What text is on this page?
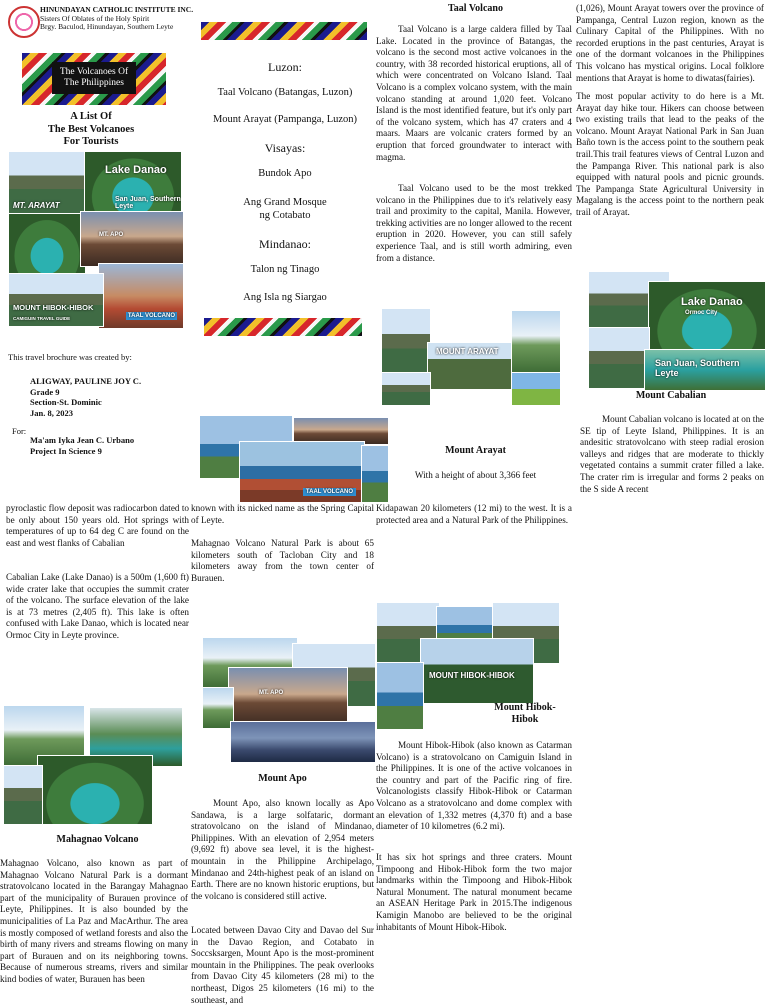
HINUNDAYAN CATHOLIC INSTITUTE INC.
Sisters Of Oblates of the Holy Spirit
Brgy. Baculod, Hinundayan, Southern Leyte
The Volcanoes Of
The Philippines
A List Of
The Best Volcanoes
For Tourists
MT. ARAYAT
Lake Danao
San Juan, Southern Leyte
MT. APO
TAAL VOLCANO
MOUNT HIBOK-HIBOK
CAMIGUIN TRAVEL GUIDE
This travel brochure was created by:
ALIGWAY, PAULINE JOY C.
Grade 9
Section-St. Dominic
Jan. 8, 2023
For:
Ma'am Iyka Jean C. Urbano
Project In Science 9
Luzon:
Taal Volcano (Batangas, Luzon)
Mount Arayat (Pampanga, Luzon)
Visayas:
Bundok Apo
Ang Grand Mosque
ng Cotabato
Mindanao:
Talon ng Tinago
Ang Isla ng Siargao
TAAL VOLCANO
Taal Volcano
Taal Volcano is a large caldera filled by Taal Lake. Located in the province of Batangas, the volcano is the second most active volcanoes in the country, with 38 recorded historical eruptions, all of which were concentrated on Volcano Island. Taal Volcano is a complex volcano system, with the main volcano standing at around 1,020 feet. Volcano Island is the most identified feature, but it's only part of the volcano system, which has 47 craters and 4 maars. Maars are volcanic craters formed by an eruption that forced groundwater to interact with magma.
Taal Volcano used to be the most trekked volcano in the Philippines due to it's relatively easy trail and proximity to the capital, Manila. However, trekking activities are no longer allowed to the recent eruption in 2020. However, you can still safely experience Taal, and is still worth admiring, even from a distance.
MOUNT ARAYAT
Mount Arayat
With a height of about 3,366 feet
(1,026), Mount Arayat towers over the province of Pampanga, Central Luzon region, known as the Culinary Capital of the Philippines. With no recorded eruptions in the past centuries, Arayat is one of the dormant volcanoes in the Philippines This volcano has mystical origins. Local folklore mentions that Arayat is home to diwatas(fairies).
The most popular activity to do here is a Mt. Arayat day hike tour. Hikers can choose between two existing trails that lead to the peaks of the volcano. Mount Arayat National Park in San Juan Baño town is the access point to the southern peak trail.This trail features views of Central Luzon and the Pampanga River. This national park is also equipped with natural pools and picnic grounds. The Pampanga State Agricultural University in Magalang is the access point to the northern peak trail of Arayat.
Lake Danao
Ormoc City
San Juan, Southern Leyte
Mount Cabalian
Mount Cabalian volcano is located at on the SE tip of Leyte Island, Philippines. It is an andesitic stratovolcano with steep radial erosion valleys and ridges that are moderate to thickly vegetated contains a summit crater filled a lake. The crater rim is irregular and forms 2 peaks on the S side A recent
pyroclastic flow deposit was radiocarbon dated to be only about 150 years old. Hot springs with temperatures of up to 64 deg C are found on the east and west flanks of Cabalian
Cabalian Lake (Lake Danao) is a 500m (1,600 ft) wide crater lake that occupies the summit crater of the volcano. The surface elevation of the lake is at 73 metres (2,405 ft). This lake is often confused with Lake Danao, which is located near Ormoc City in Leyte province.
Mahagnao Volcano
Mahagnao Volcano, also known as part of Mahagnao Volcano Natural Park is a dormant stratovolcano located in the Barangay Mahagnao part of the municipality of Burauen province of Leyte, Philippines. It is also bounded by the municipalities of La Paz and MacArthur. The area is mostly composed of wetland forests and also the birth of many rivers and streams flowing on many part of Burauen and on its neighboring towns. Because of numerous streams, rivers and similar kind bodies of water, Burauen has been
known with its nicked name as the Spring Capital of Leyte.
Mahagnao Volcano Natural Park is about 65 kilometers south of Tacloban City and 18 kilometers away from the town center of Burauen.
MT. APO
Mount Apo
Mount Apo, also known locally as Apo Sandawa, is a large solfataric, dormant stratovolcano on the island of Mindanao, Philippines. With an elevation of 2,954 meters (9,692 ft) above sea level, it is the highest-mountain in the Philippine Archipelago, Mindanao and 24th-highest peak of an island on Earth. There are no known historic eruptions, but the volcano is considered still active.
Located between Davao City and Davao del Sur in the Davao Region, and Cotabato in Soccsksargen, Mount Apo is the most-prominent mountain in the Philippines. The peak overlooks from Davao City 45 kilometers (28 mi) to the northeast, Digos 25 kilometers (16 mi) to the southeast, and
Kidapawan 20 kilometers (12 mi) to the west. It is a protected area and a Natural Park of the Philippines.
MOUNT HIBOK-HIBOK
Mount Hibok-
Hibok
Mount Hibok-Hibok (also known as Catarman Volcano) is a stratovolcano on Camiguin Island in the Philippines. It is one of the active volcanoes in the country and part of the Pacific ring of fire. Volcanologists classify Hibok-Hibok or Catarman Volcano as a stratovolcano and dome complex with an elevation of 1,332 metres (4,370 ft) and a base diameter of 10 kilometres (6.2 mi).
It has six hot springs and three craters. Mount Timpoong and Hibok-Hibok form the two major landmarks within the Timpoong and Hibok-Hibok Natural Monument. The natural monument became an ASEAN Heritage Park in 2015.The indigenous Kamigin Manobo are believed to be the original inhabitants of Mount Hibok-Hibok.
